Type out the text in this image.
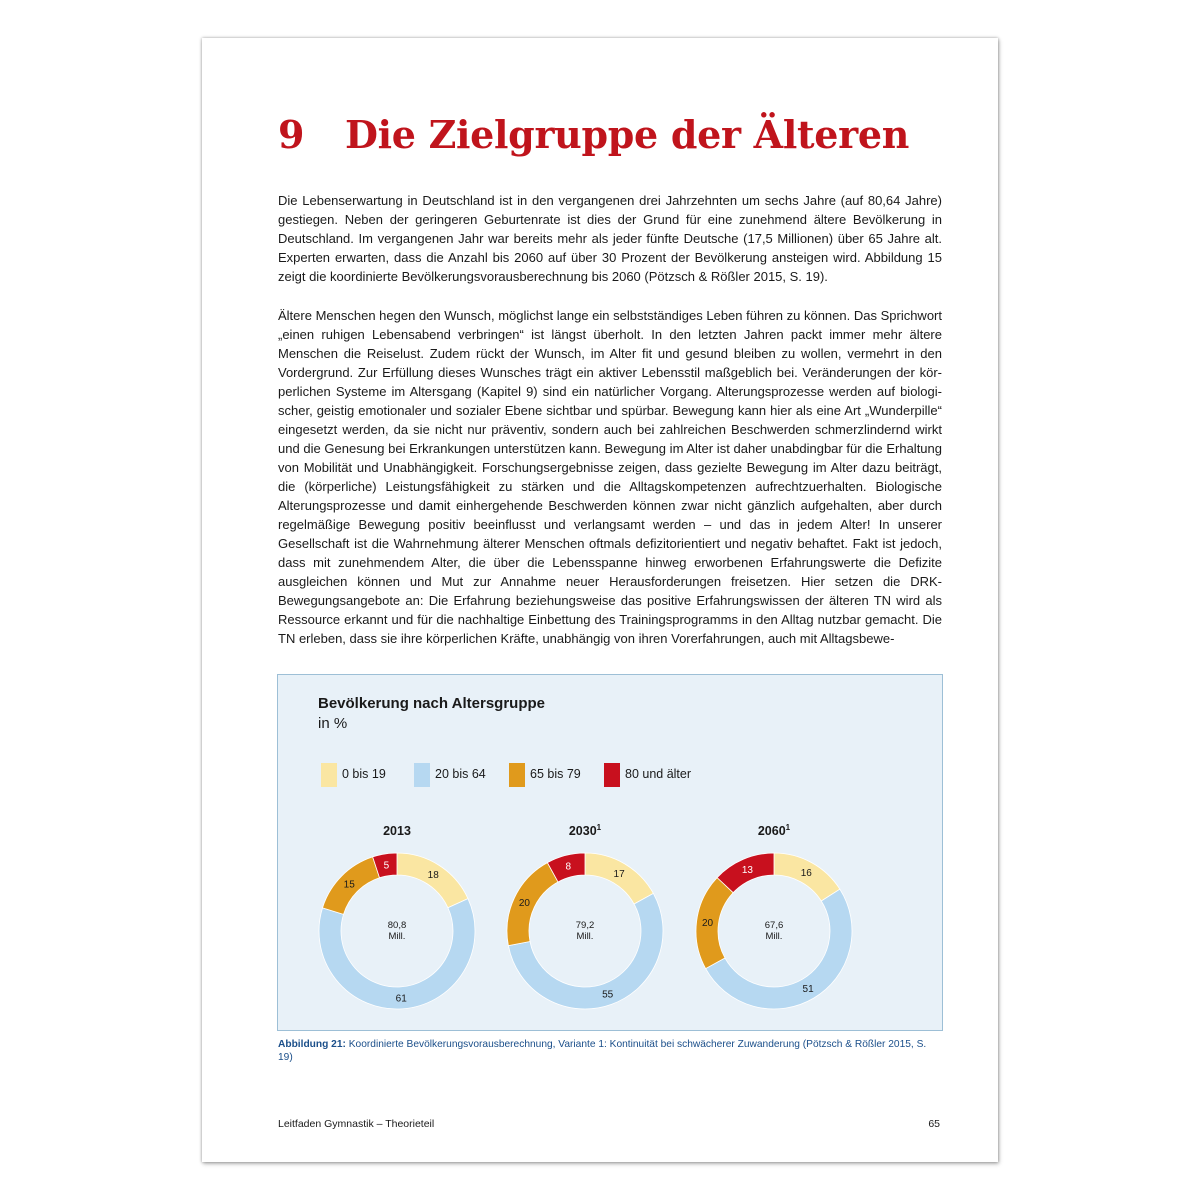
9 Die Zielgruppe der Älteren

Die Lebenserwartung in Deutschland ist in den vergangenen drei Jahrzehnten um sechs Jahre (auf 80,64 Jahre) gestiegen. Neben der geringeren Geburtenrate ist dies der Grund für eine zunehmend ältere Bevölkerung in Deutschland. Im vergangenen Jahr war bereits mehr als jeder fünfte Deutsche (17,5 Millionen) über 65 Jahre alt. Experten erwarten, dass die Anzahl bis 2060 auf über 30 Prozent der Bevölkerung ansteigen wird. Abbildung 15 zeigt die koordinierte Bevölkerungsvorausberechnung bis 2060 (Pötzsch & Rößler 2015, S. 19).

Ältere Menschen hegen den Wunsch, möglichst lange ein selbstständiges Leben führen zu können. Das Sprichwort „einen ruhigen Lebensabend verbringen“ ist längst überholt. In den letzten Jahren packt immer mehr ältere Menschen die Reiselust. Zudem rückt der Wunsch, im Alter fit und gesund bleiben zu wollen, vermehrt in den Vordergrund. Zur Erfüllung dieses Wunsches trägt ein aktiver Lebensstil maßgeblich bei. Veränderungen der körperlichen Systeme im Altersgang (Kapitel 9) sind ein natürlicher Vorgang. Alterungsprozesse werden auf biologischer, geistig emotionaler und sozialer Ebene sichtbar und spürbar. Bewegung kann hier als eine Art „Wunderpille“ eingesetzt werden, da sie nicht nur präventiv, sondern auch bei zahlreichen Beschwerden schmerzlindernd wirkt und die Genesung bei Erkrankungen unterstützen kann. Bewegung im Alter ist daher unabdingbar für die Erhaltung von Mobilität und Unabhängigkeit. Forschungsergebnisse zeigen, dass gezielte Bewegung im Alter dazu beiträgt, die (körperliche) Leistungsfähigkeit zu stärken und die Alltagskompetenzen aufrechtzuerhalten. Biologische Alterungsprozesse und damit einhergehende Beschwerden können zwar nicht gänzlich aufgehalten, aber durch regelmäßige Bewegung positiv beeinflusst und verlangsamt werden – und das in jedem Alter! In unserer Gesellschaft ist die Wahrnehmung älterer Menschen oftmals defizitorientiert und negativ behaftet. Fakt ist jedoch, dass mit zunehmendem Alter, die über die Lebensspanne hinweg erworbenen Erfahrungswerte die Defizite ausgleichen können und Mut zur Annahme neuer Herausforderungen freisetzen. Hier setzen die DRK-Bewegungsangebote an: Die Erfahrung beziehungsweise das positive Erfahrungswissen der älteren TN wird als Ressource erkannt und für die nachhaltige Einbettung des Trainingsprogramms in den Alltag nutzbar gemacht. Die TN erleben, dass sie ihre körperlichen Kräfte, unabhängig von ihren Vorerfahrungen, auch mit Alltagsbewe-

Bevölkerung nach Altersgruppe
in %
0 bis 19	20 bis 64	65 bis 79	80 und älter
2013
18
61
15
5
80,8
Mill.
2030$^1$
17
55
20
8
79,2
Mill.
2060$^1$
16
51
20
13
67,6
Mill.

Abbildung 21: Koordinierte Bevölkerungsvorausberechnung, Variante 1: Kontinuität bei schwächerer Zuwanderung (Pötzsch & Rößler 2015, S. 19)

Leitfaden Gymnastik – Theorieteil	65
